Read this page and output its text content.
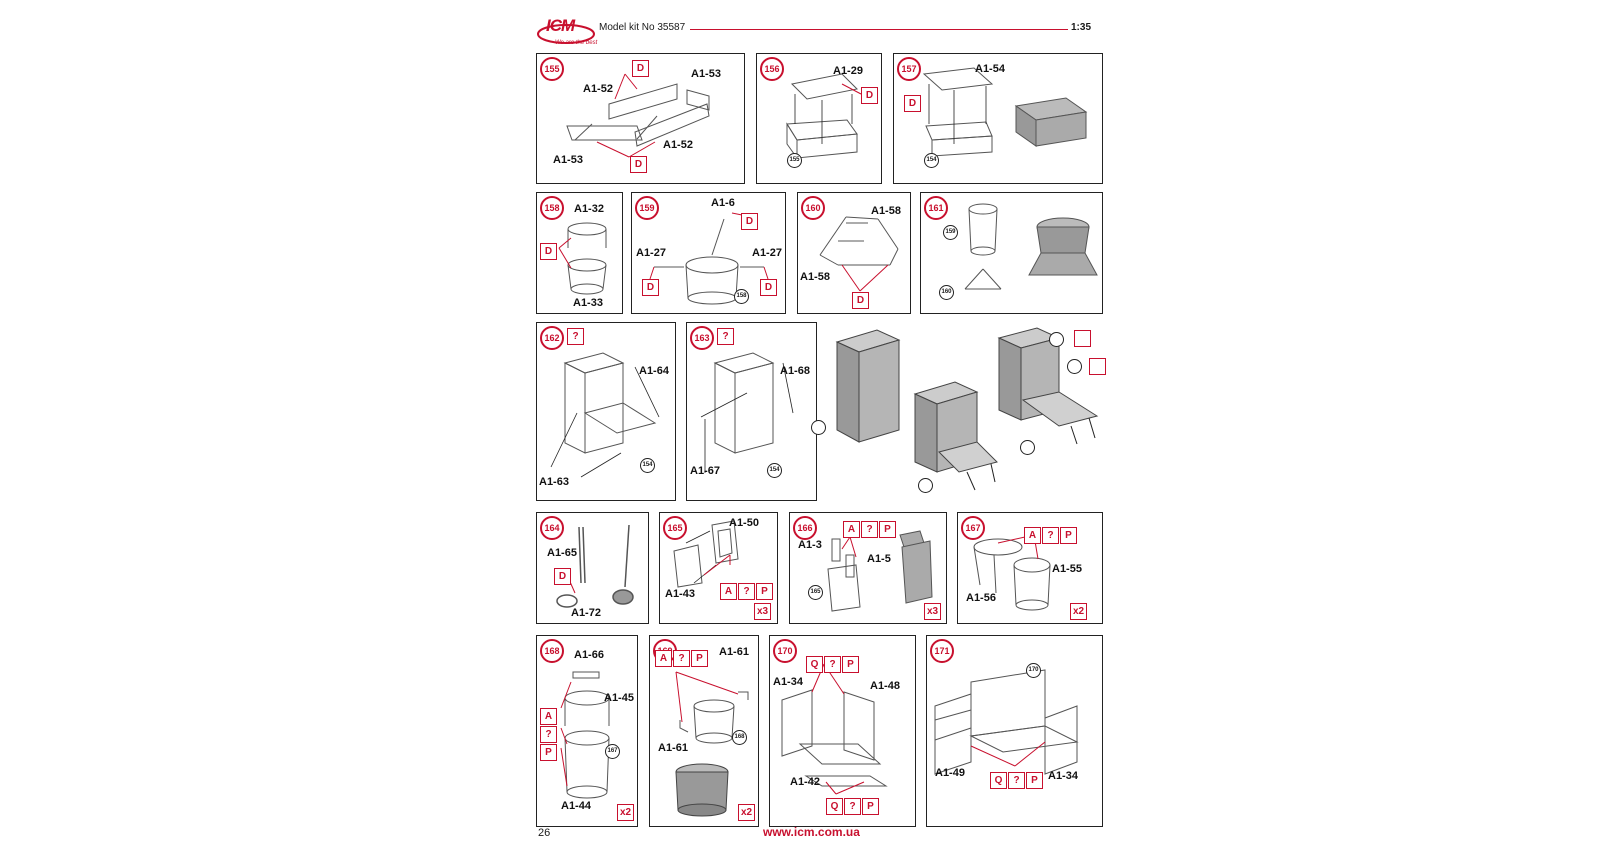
ICM
We are the best
Model kit No 35587	1:35
155
A1-52
A1-53
A1-53
A1-52
D
D
156	A1-29
D
155
157	A1-54
D
154
158	A1-32
A1-33
D
159	A1-6
A1-27	A1-27
D
D	D
158
160	A1-58
A1-58
D
161
159
160
162	?
A1-64
A1-63
154
163	?
A1-68
A1-67	154
164
A1-65
A1-72
D
165	A1-50
A1-43	A	?	P
x3
166
A1-3
A1-5
A	?	P
165
x3
167
A	?	P
A1-55
A1-56
x2
168	A1-66
A1-45
A1-44
A
?
P	167
x2
A	?	P
A1-61
A1-61
168
x2
170
Q	?	P
A1-34	A1-48
A1-42
Q	?	P
171
170
A1-49	A1-34
Q	?	P
26	www.icm.com.ua
